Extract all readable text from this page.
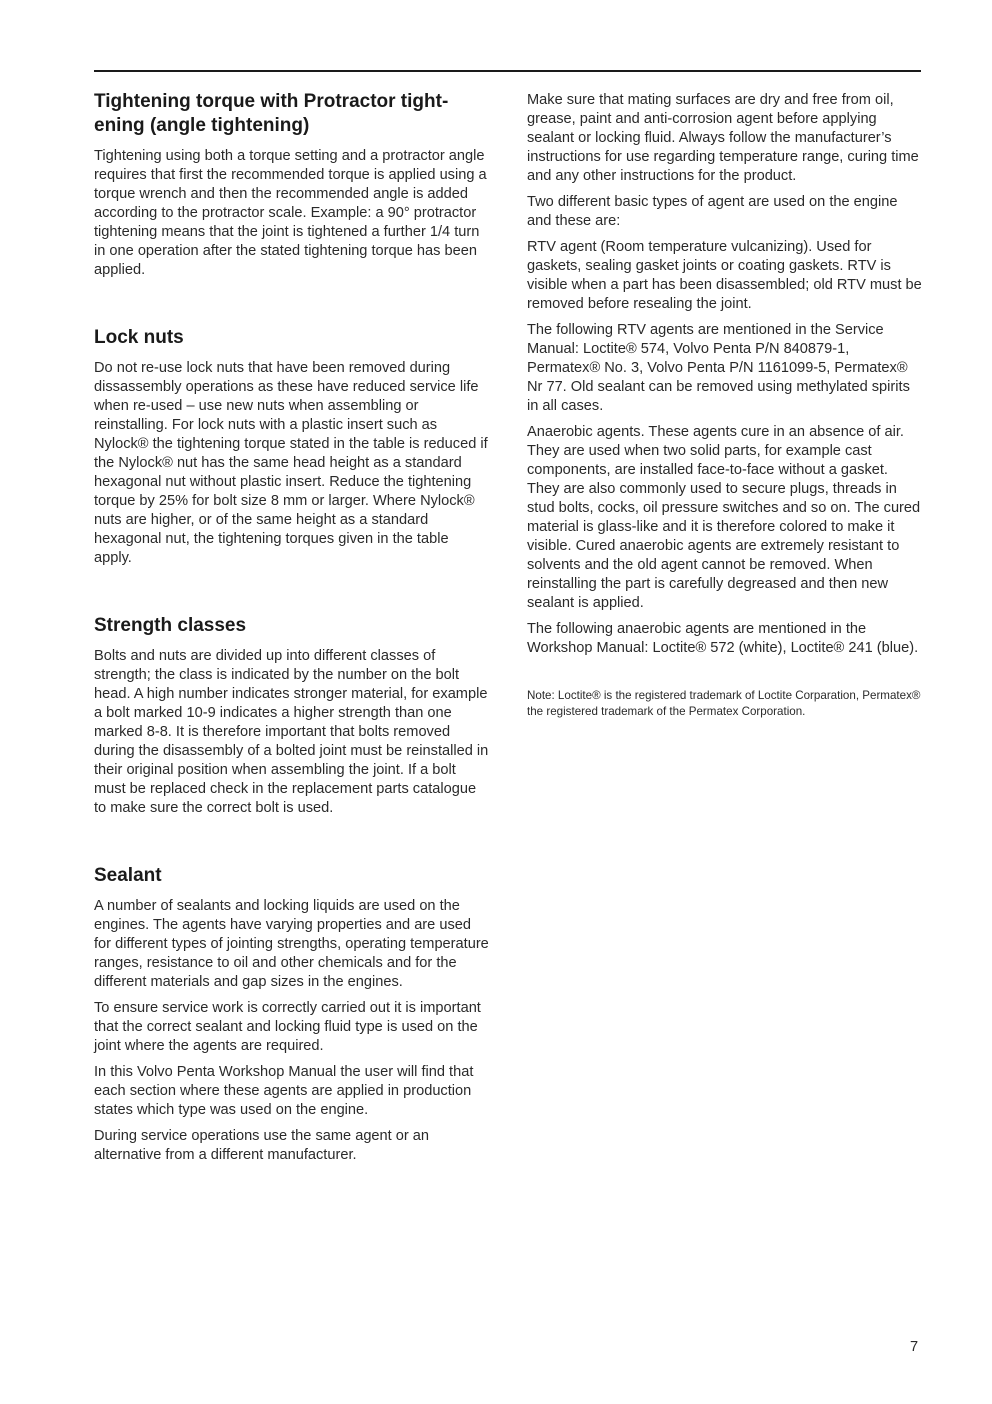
Tightening torque with Protractor tight-
ening (angle tightening)

Tightening using both a torque setting and a protractor angle requires that first the recommended torque is applied using a torque wrench and then the recommended angle is added according to the protractor scale. Example: a 90° protractor tightening means that the joint is tightened a further 1/4 turn in one operation after the stated tightening torque has been applied.

Lock nuts

Do not re-use lock nuts that have been removed during dissassembly operations as these have reduced service life when re-used – use new nuts when assembling or reinstalling. For lock nuts with a plastic insert such as Nylock® the tightening torque stated in the table is reduced if the Nylock® nut has the same head height as a standard hexagonal nut without plastic insert. Reduce the tightening torque by 25% for bolt size 8 mm or larger. Where Nylock® nuts are higher, or of the same height as a standard hexagonal nut, the tightening torques given in the table apply.

Strength classes

Bolts and nuts are divided up into different classes of strength; the class is indicated by the number on the bolt head. A high number indicates stronger material, for example a bolt marked 10-9 indicates a higher strength than one marked 8-8. It is therefore important that bolts removed during the disassembly of a bolted joint must be reinstalled in their original position when assembling the joint. If a bolt must be replaced check in the replacement parts catalogue to make sure the correct bolt is used.

Sealant

A number of sealants and locking liquids are used on the engines. The agents have varying properties and are used for different types of jointing strengths, operating temperature ranges, resistance to oil and other chemicals and for the different materials and gap sizes in the engines.

To ensure service work is correctly carried out it is important that the correct sealant and locking fluid type is used on the joint where the agents are required.

In this Volvo Penta Workshop Manual the user will find that each section where these agents are applied in production states which type was used on the engine.

During service operations use the same agent or an alternative from a different manufacturer.

Make sure that mating surfaces are dry and free from oil, grease, paint and anti-corrosion agent before applying sealant or locking fluid. Always follow the manufacturer’s instructions for use regarding temperature range, curing time and any other instructions for the product.

Two different basic types of agent are used on the engine and these are:

RTV agent (Room temperature vulcanizing). Used for gaskets, sealing gasket joints or coating gaskets. RTV is visible when a part has been disassembled; old RTV must be removed before resealing the joint.

The following RTV agents are mentioned in the Service Manual: Loctite® 574, Volvo Penta P/N 840879-1, Permatex® No. 3, Volvo Penta P/N 1161099-5, Permatex® Nr 77. Old sealant can be removed using methylated spirits in all cases.

Anaerobic agents. These agents cure in an absence of air. They are used when two solid parts, for example cast components, are installed face-to-face without a gasket. They are also commonly used to secure plugs, threads in stud bolts, cocks, oil pressure switches and so on. The cured material is glass-like and it is therefore colored to make it visible. Cured anaerobic agents are extremely resistant to solvents and the old agent cannot be removed. When reinstalling the part is carefully degreased and then new sealant is applied.

The following anaerobic agents are mentioned in the Workshop Manual: Loctite® 572 (white), Loctite® 241 (blue).

Note: Loctite® is the registered trademark of Loctite Corparation, Permatex® the registered trademark of the Permatex Corporation.
7
